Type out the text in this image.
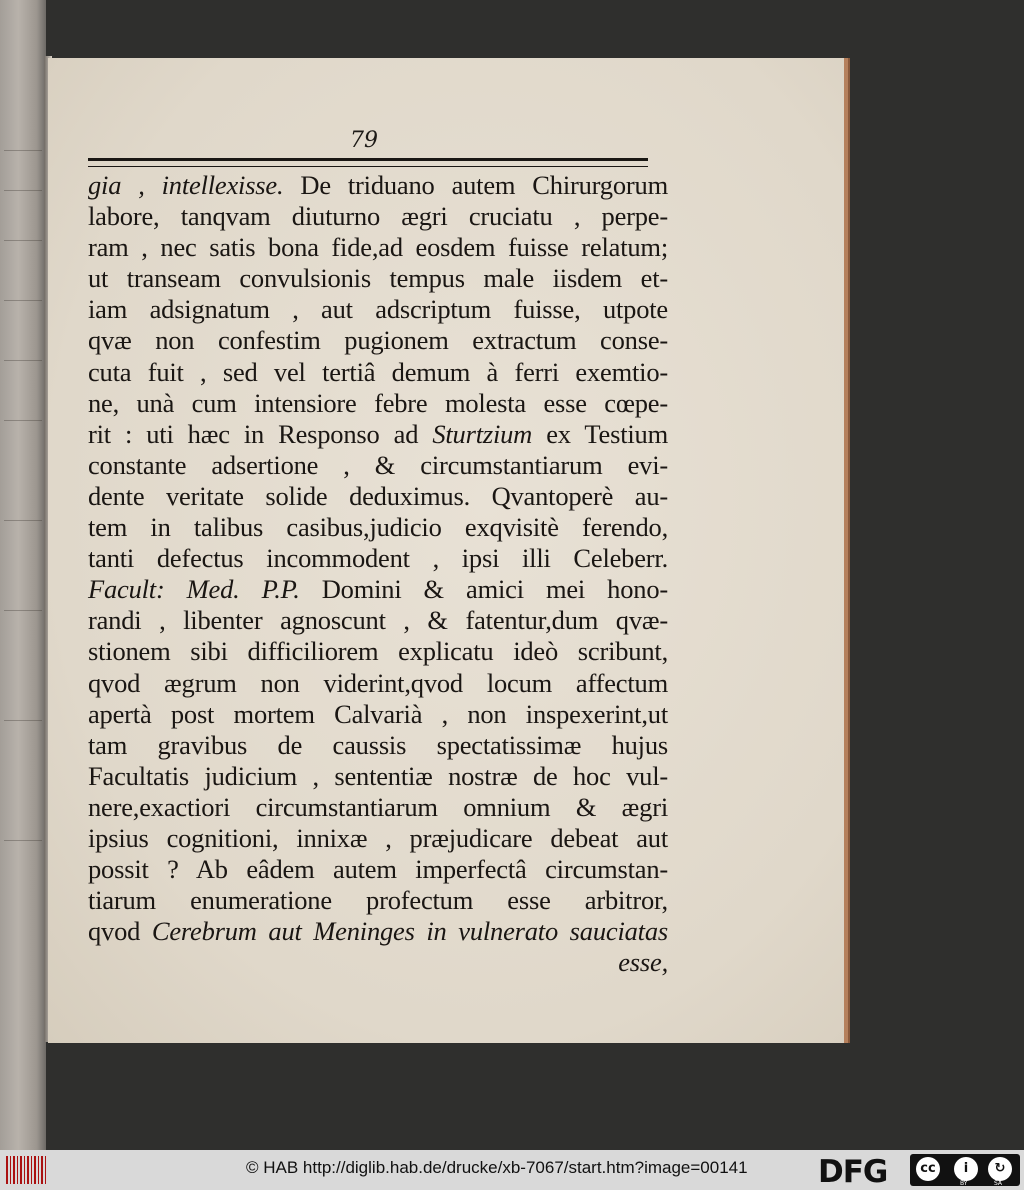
79
gia , intellexisse. De triduano autem Chirurgorum
labore, tanqvam diuturno ægri cruciatu , perpe-
ram , nec satis bona fide,ad eosdem fuisse relatum;
ut transeam convulsionis tempus male iisdem et-
iam adsignatum , aut adscriptum fuisse, utpote
qvæ non confestim pugionem extractum conse-
cuta fuit , sed vel tertiâ demum à ferri exemtio-
ne, unà cum intensiore febre molesta esse cœpe-
rit : uti hæc in Responso ad Sturtzium ex Testium
constante adsertione , & circumstantiarum evi-
dente veritate solide deduximus. Qvantoperè au-
tem in talibus casibus,judicio exqvisitè ferendo,
tanti defectus incommodent , ipsi illi Celeberr.
Facult: Med. P.P. Domini & amici mei hono-
randi , libenter agnoscunt , & fatentur,dum qvæ-
stionem sibi difficiliorem explicatu ideò scribunt,
qvod ægrum non viderint,qvod locum affectum
apertà post mortem Calvarià , non inspexerint,ut
tam gravibus de caussis spectatissimæ hujus
Facultatis judicium , sententiæ nostræ de hoc vul-
nere,exactiori circumstantiarum omnium & ægri
ipsius cognitioni, innixæ , præjudicare debeat aut
possit ? Ab eâdem autem imperfectâ circumstan-
tiarum enumeratione profectum esse arbitror,
qvod Cerebrum aut Meninges in vulnerato sauciatas
esse,
© HAB http://diglib.hab.de/drucke/xb-7067/start.htm?image=00141 DFG	cc	i	↻
BY	SA
